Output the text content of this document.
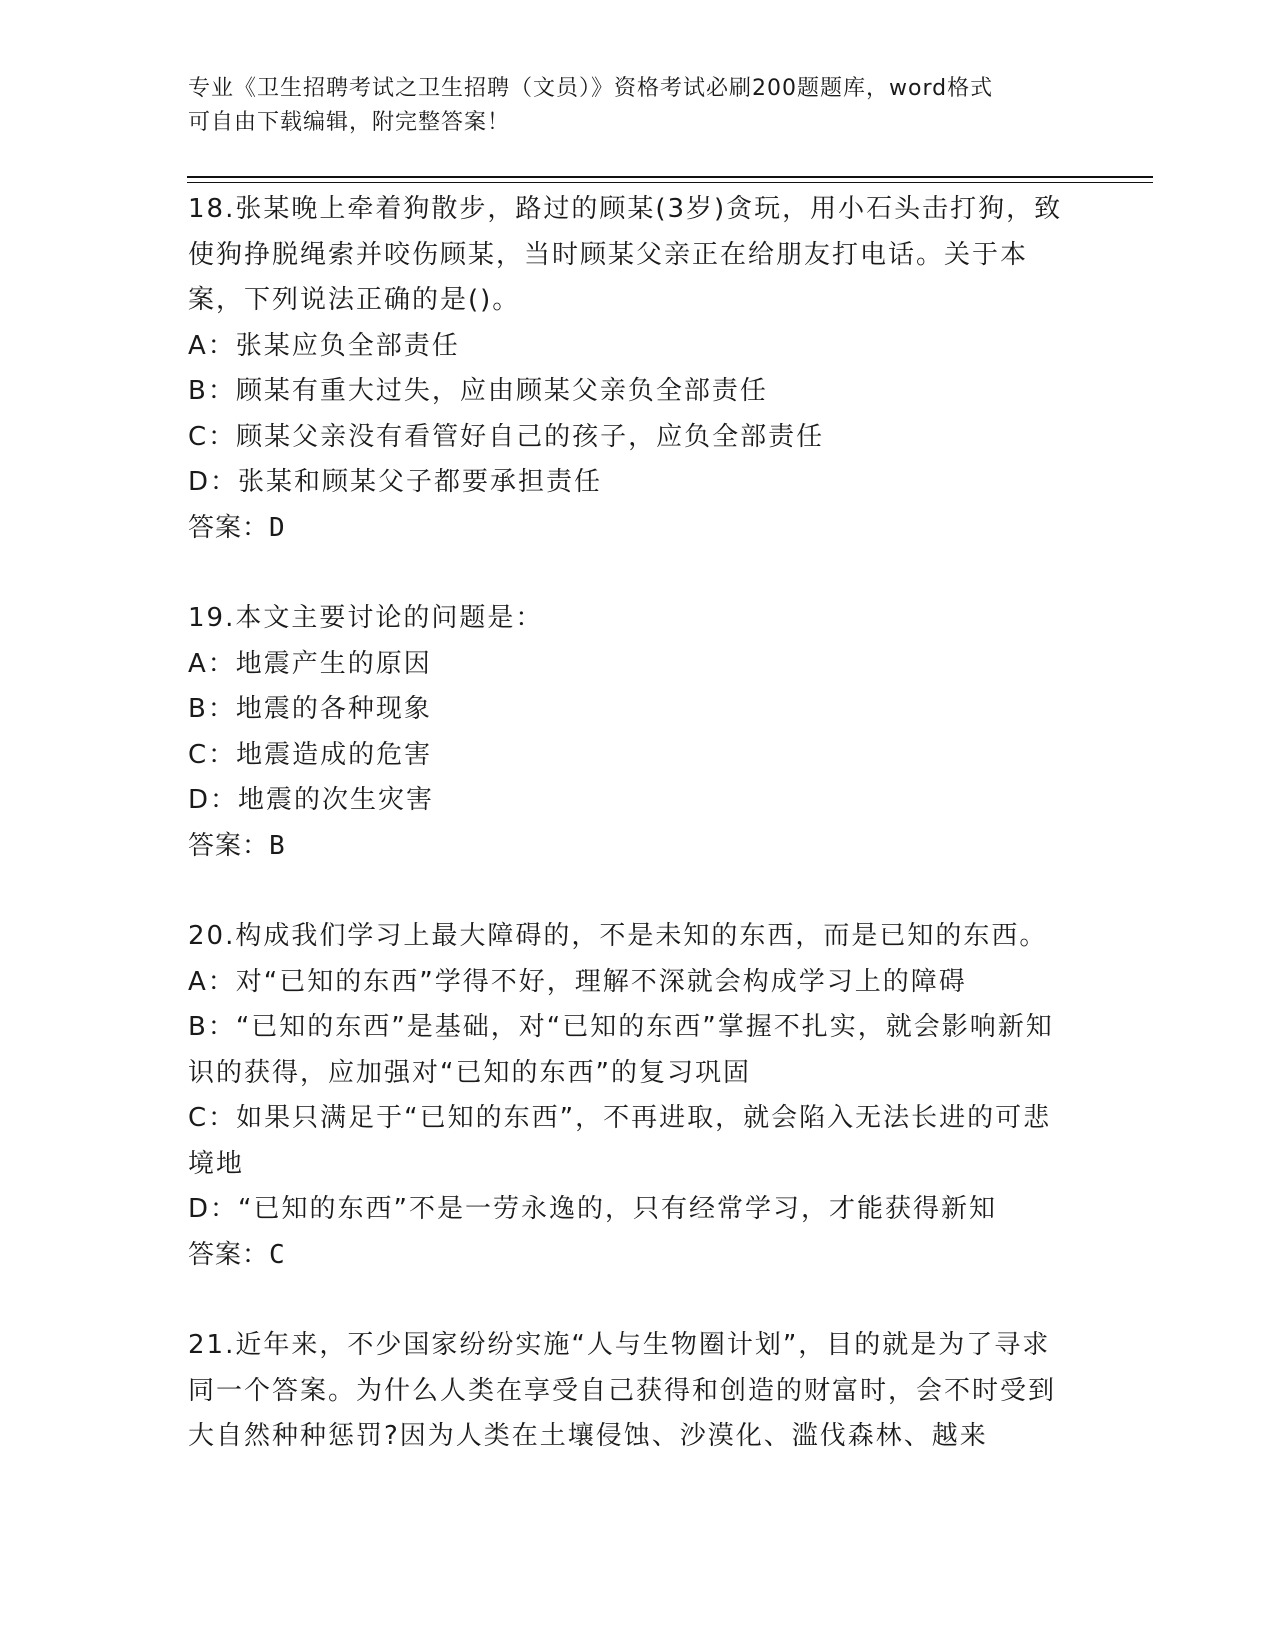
专业《卫生招聘考试之卫生招聘（文员）》资格考试必刷200题题库，word格式
可自由下载编辑，附完整答案！

18.张某晚上牵着狗散步，路过的顾某(3岁)贪玩，用小石头击打狗，致使狗挣脱绳索并咬伤顾某，当时顾某父亲正在给朋友打电话。关于本案，下列说法正确的是()。

A：张某应负全部责任

B：顾某有重大过失，应由顾某父亲负全部责任

C：顾某父亲没有看管好自己的孩子，应负全部责任

D：张某和顾某父子都要承担责任

答案：D

19.本文主要讨论的问题是：

A：地震产生的原因

B：地震的各种现象

C：地震造成的危害

D：地震的次生灾害

答案：B

20.构成我们学习上最大障碍的，不是未知的东西，而是已知的东西。

A：对“已知的东西”学得不好，理解不深就会构成学习上的障碍

B：“已知的东西”是基础，对“已知的东西”掌握不扎实，就会影响新知识的获得，应加强对“已知的东西”的复习巩固

C：如果只满足于“已知的东西”，不再进取，就会陷入无法长进的可悲境地

D：“已知的东西”不是一劳永逸的，只有经常学习，才能获得新知

答案：C

21.近年来，不少国家纷纷实施“人与生物圈计划”，目的就是为了寻求同一个答案。为什么人类在享受自己获得和创造的财富时，会不时受到大自然种种惩罚?因为人类在土壤侵蚀、沙漠化、滥伐森林、越来
